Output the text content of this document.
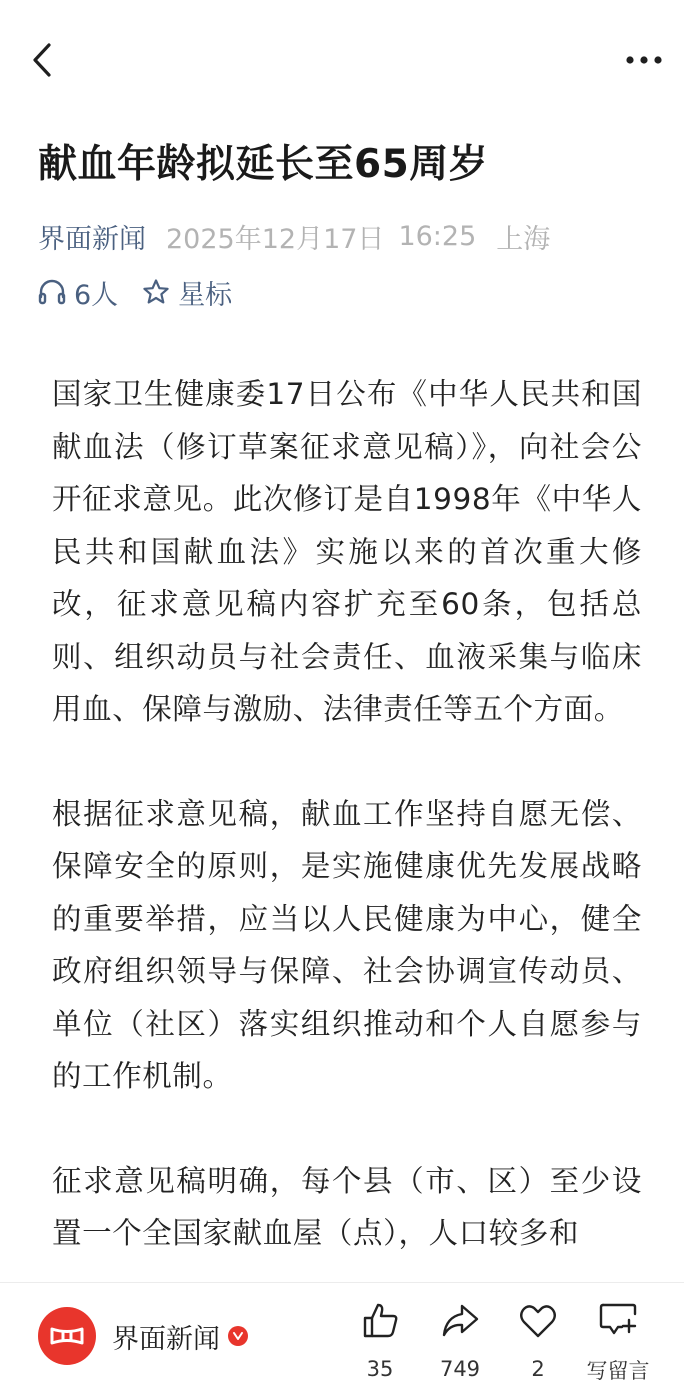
献血年龄拟延长至65周岁
界面新闻 2025年12月17日 16:25 上海
6人 星标

国家卫生健康委17日公布《中华人民共和国献血法（修订草案征求意见稿）》，向社会公开征求意见。此次修订是自1998年《中华人民共和国献血法》实施以来的首次重大修改，征求意见稿内容扩充至60条，包括总则、组织动员与社会责任、血液采集与临床用血、保障与激励、法律责任等五个方面。

根据征求意见稿，献血工作坚持自愿无偿、保障安全的原则，是实施健康优先发展战略的重要举措，应当以人民健康为中心，健全政府组织领导与保障、社会协调宣传动员、单位（社区）落实组织推动和个人自愿参与的工作机制。

征求意见稿明确，每个县（市、区）至少设置一个全国家献血屋（点），人口较多和

界面新闻
35 749 2 写留言
